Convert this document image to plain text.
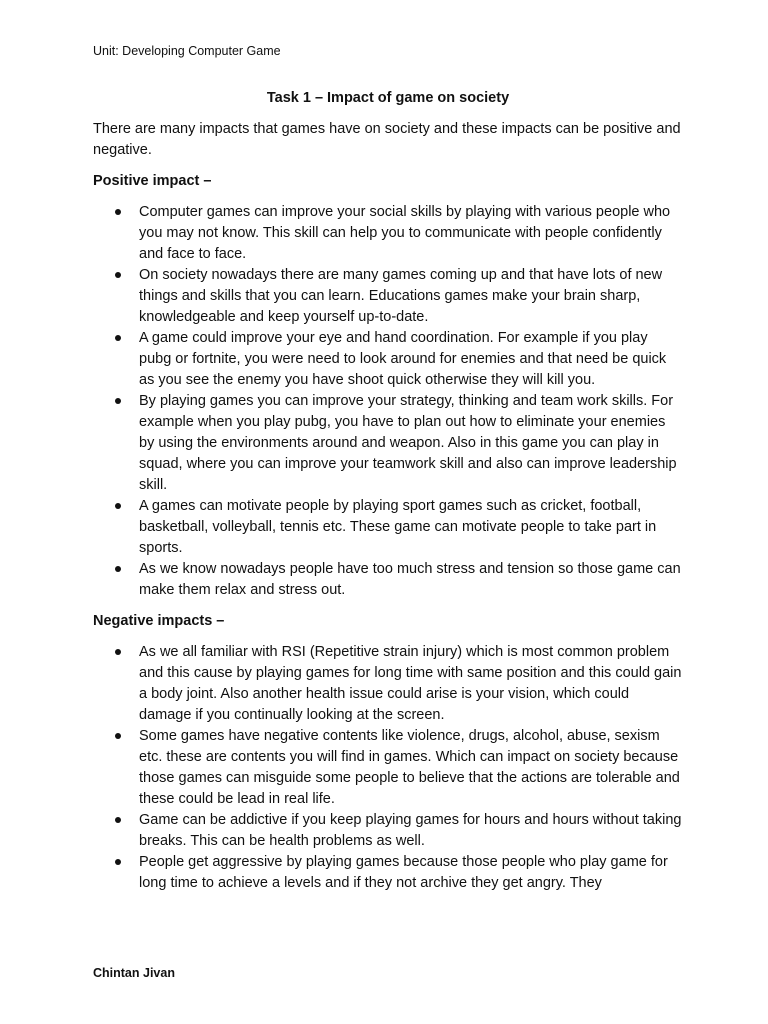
Unit: Developing Computer Game
Task 1 – Impact of game on society

There are many impacts that games have on society and these impacts can be positive and negative.

Positive impact –
Computer games can improve your social skills by playing with various people who you may not know. This skill can help you to communicate with people confidently and face to face.
On society nowadays there are many games coming up and that have lots of new things and skills that you can learn. Educations games make your brain sharp, knowledgeable and keep yourself up-to-date.
A game could improve your eye and hand coordination. For example if you play pubg or fortnite, you were need to look around for enemies and that need be quick as you see the enemy you have shoot quick otherwise they will kill you.
By playing games you can improve your strategy, thinking and team work skills. For example when you play pubg, you have to plan out how to eliminate your enemies by using the environments around and weapon. Also in this game you can play in squad, where you can improve your teamwork skill and also can improve leadership skill.
A games can motivate people by playing sport games such as cricket, football, basketball, volleyball, tennis etc. These game can motivate people to take part in sports.
As we know nowadays people have too much stress and tension so those game can make them relax and stress out.
Negative impacts –
As we all familiar with RSI (Repetitive strain injury) which is most common problem and this cause by playing games for long time with same position and this could gain a body joint. Also another health issue could arise is your vision, which could damage if you continually looking at the screen.
Some games have negative contents like violence, drugs, alcohol, abuse, sexism etc. these are contents you will find in games. Which can impact on society because those games can misguide some people to believe that the actions are tolerable and these could be lead in real life.
Game can be addictive if you keep playing games for hours and hours without taking breaks. This can be health problems as well.
People get aggressive by playing games because those people who play game for long time to achieve a levels and if they not archive they get angry. They
Chintan Jivan
